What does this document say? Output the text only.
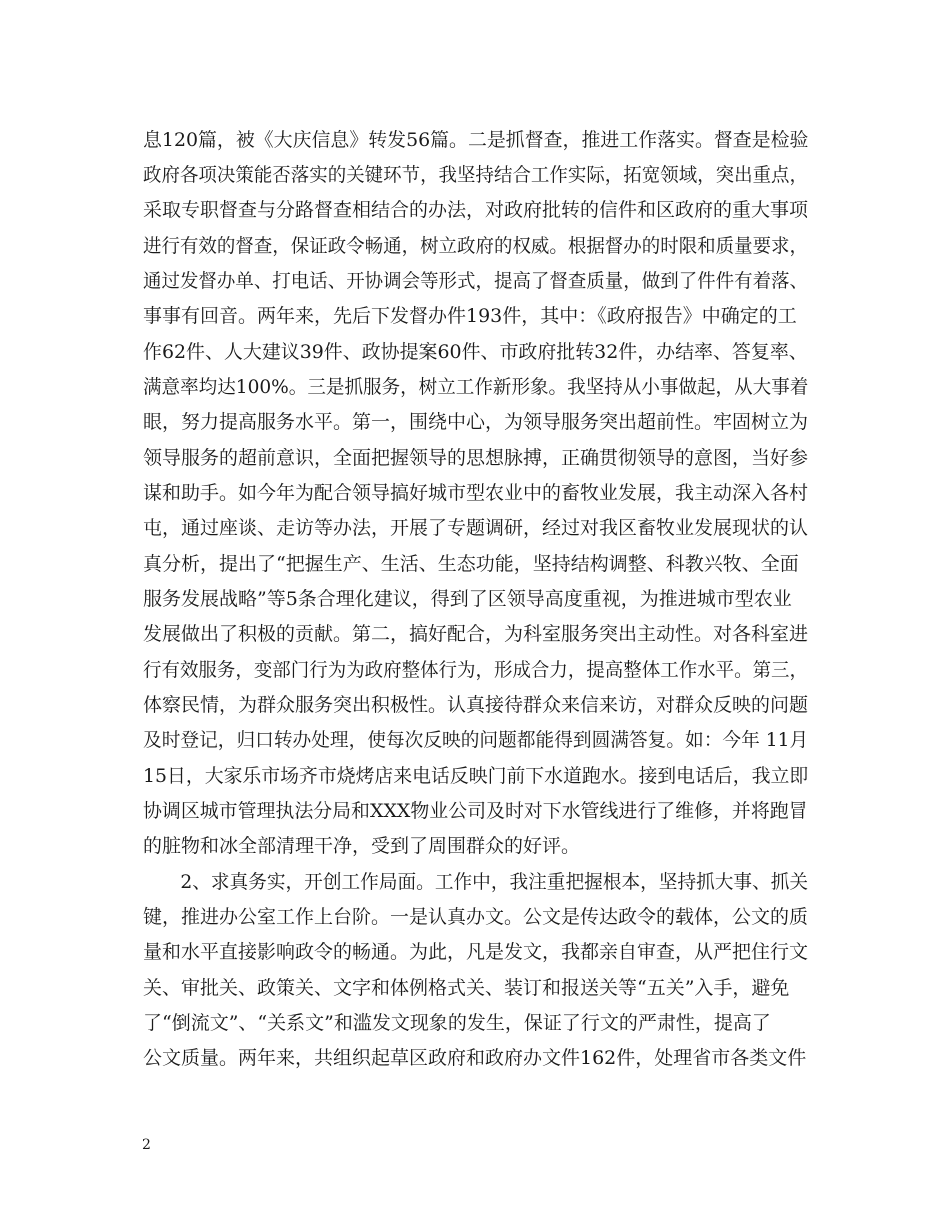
息120篇，被《大庆信息》转发56篇。二是抓督查，推进工作落实。督查是检验

政府各项决策能否落实的关键环节，我坚持结合工作实际，拓宽领域，突出重点，

采取专职督查与分路督查相结合的办法，对政府批转的信件和区政府的重大事项

进行有效的督查，保证政令畅通，树立政府的权威。根据督办的时限和质量要求，

通过发督办单、打电话、开协调会等形式，提高了督查质量，做到了件件有着落、

事事有回音。两年来，先后下发督办件193件，其中：《政府报告》中确定的工

作62件、人大建议39件、政协提案60件、市政府批转32件，办结率、答复率、

满意率均达100%。三是抓服务，树立工作新形象。我坚持从小事做起，从大事着

眼，努力提高服务水平。第一，围绕中心，为领导服务突出超前性。牢固树立为

领导服务的超前意识，全面把握领导的思想脉搏，正确贯彻领导的意图，当好参

谋和助手。如今年为配合领导搞好城市型农业中的畜牧业发展，我主动深入各村

屯，通过座谈、走访等办法，开展了专题调研，经过对我区畜牧业发展现状的认

真分析，提出了“把握生产、生活、生态功能，坚持结构调整、科教兴牧、全面

服务发展战略”等5条合理化建议，得到了区领导高度重视，为推进城市型农业

发展做出了积极的贡献。第二，搞好配合，为科室服务突出主动性。对各科室进

行有效服务，变部门行为为政府整体行为，形成合力，提高整体工作水平。第三，

体察民情，为群众服务突出积极性。认真接待群众来信来访，对群众反映的问题

及时登记，归口转办处理，使每次反映的问题都能得到圆满答复。如：今年 11月

15日，大家乐市场齐市烧烤店来电话反映门前下水道跑水。接到电话后，我立即

协调区城市管理执法分局和XXX物业公司及时对下水管线进行了维修，并将跑冒

的脏物和冰全部清理干净，受到了周围群众的好评。

　　2、求真务实，开创工作局面。工作中，我注重把握根本，坚持抓大事、抓关

键，推进办公室工作上台阶。一是认真办文。公文是传达政令的载体，公文的质

量和水平直接影响政令的畅通。为此，凡是发文，我都亲自审查，从严把住行文

关、审批关、政策关、文字和体例格式关、装订和报送关等“五关”入手，避免

了“倒流文”、“关系文”和滥发文现象的发生，保证了行文的严肃性，提高了

公文质量。两年来，共组织起草区政府和政府办文件162件，处理省市各类文件

2
